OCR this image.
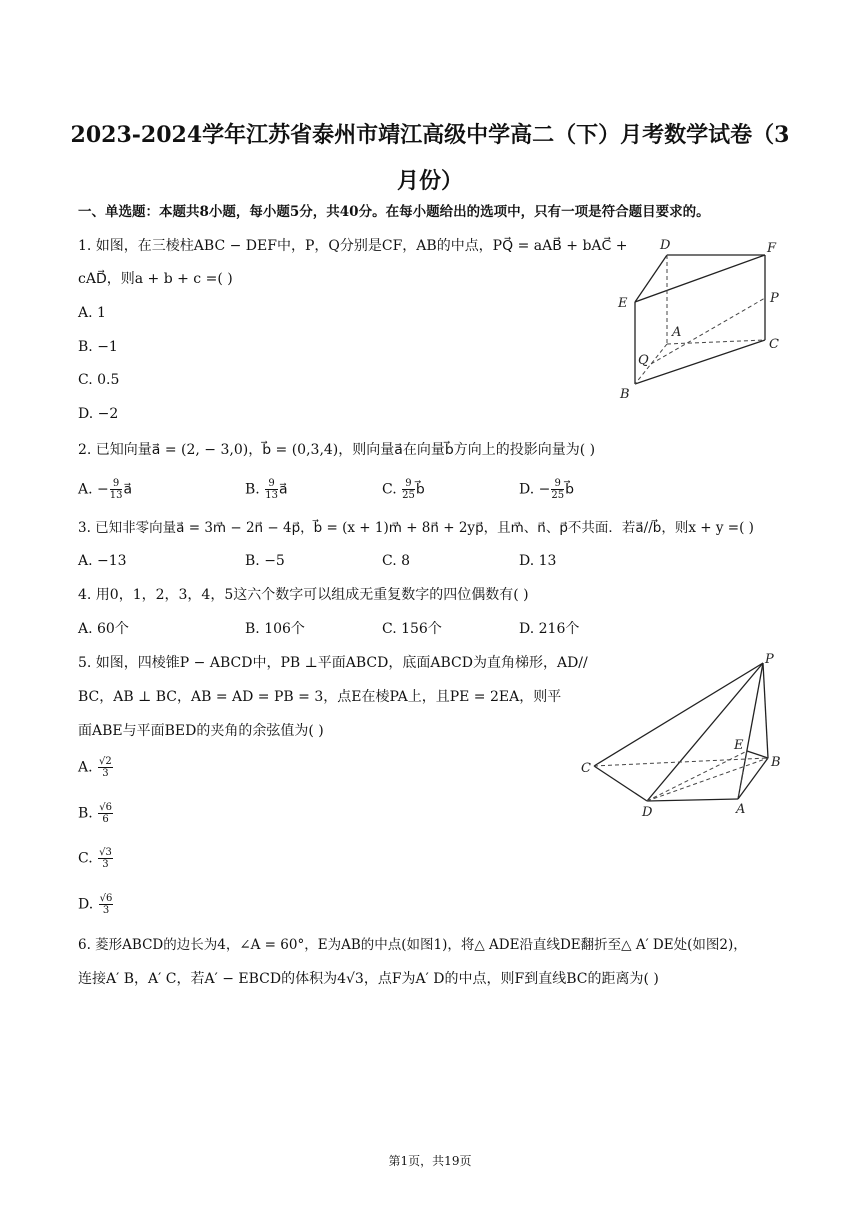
2023-2024学年江苏省泰州市靖江高级中学高二（下）月考数学试卷（3
月份）
一、单选题：本题共8小题，每小题5分，共40分。在每小题给出的选项中，只有一项是符合题目要求的。
1. 如图，在三棱柱ABC − DEF中，P，Q分别是CF，AB的中点，PQ⃗ = aAB⃗ + bAC⃗ +
cAD⃗，则a + b + c =( )
A. 1
B. −1
C. 0.5
D. −2
D	F
E	P
A
C
Q
B
2. 已知向量a⃗ = (2, − 3,0)，b⃗ = (0,3,4)，则向量a⃗在向量b⃗方向上的投影向量为( )
A. − $\frac{9}{13}$ a⃗	B. $\frac{9}{13}$ a⃗	C. $\frac{9}{25}$ b⃗	D. − $\frac{9}{25}$ b⃗
3. 已知非零向量a⃗ = 3m⃗ − 2n⃗ − 4p⃗，b⃗ = (x + 1)m⃗ + 8n⃗ + 2yp⃗，且m⃗、n⃗、p⃗不共面．若a⃗//b⃗，则x + y =( )
A. −13	B. −5	C. 8	D. 13
4. 用0，1，2，3，4，5这六个数字可以组成无重复数字的四位偶数有( )
A. 60个	B. 106个	C. 156个	D. 216个
5. 如图，四棱锥P − ABCD中，PB ⊥平面ABCD，底面ABCD为直角梯形，AD//
BC，AB ⊥ BC，AB = AD = PB = 3，点E在棱PA上，且PE = 2EA，则平
面ABE与平面BED的夹角的余弦值为( )
A. $\frac{√2}{3}$
B. $\frac{√6}{6}$
C. $\frac{√3}{3}$
D. $\frac{√6}{3}$
P
E
B
C
D	A
6. 菱形ABCD的边长为4，∠A = 60°，E为AB的中点(如图1)，将△ ADE沿直线DE翻折至△ A′ DE处(如图2)，
连接A′ B，A′ C，若A′ − EBCD的体积为4√3，点F为A′ D的中点，则F到直线BC的距离为( )
第1页，共19页
